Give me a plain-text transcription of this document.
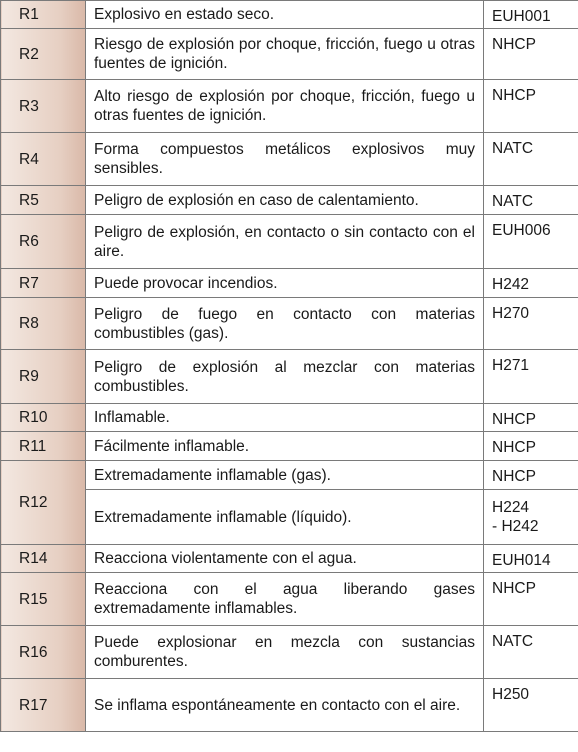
R1	Explosivo en estado seco.	EUH001
R2	Riesgo de explosión por choque, fricción, fuego u otras fuentes de ignición.	NHCP
R3	Alto riesgo de explosión por choque, fricción, fuego u otras fuentes de ignición.	NHCP
R4	Forma compuestos metálicos explosivos muy sensibles.	NATC
R5	Peligro de explosión en caso de calentamiento.	NATC
R6	Peligro de explosión, en contacto o sin contacto con el aire.	EUH006
R7	Puede provocar incendios.	H242
R8	Peligro de fuego en contacto con materias combustibles (gas).	H270
R9	Peligro de explosión al mezclar con materias combustibles.	H271
R10	Inflamable.	NHCP
R11	Fácilmente inflamable.	NHCP
R12	Extremadamente inflamable (gas).	NHCP
	Extremadamente inflamable (líquido).	H224
- H242
R14	Reacciona violentamente con el agua.	EUH014
R15	Reacciona con el agua liberando gases extremadamente inflamables.	NHCP
R16	Puede explosionar en mezcla con sustancias comburentes.	NATC
R17	Se inflama espontáneamente en contacto con el aire.	H250
